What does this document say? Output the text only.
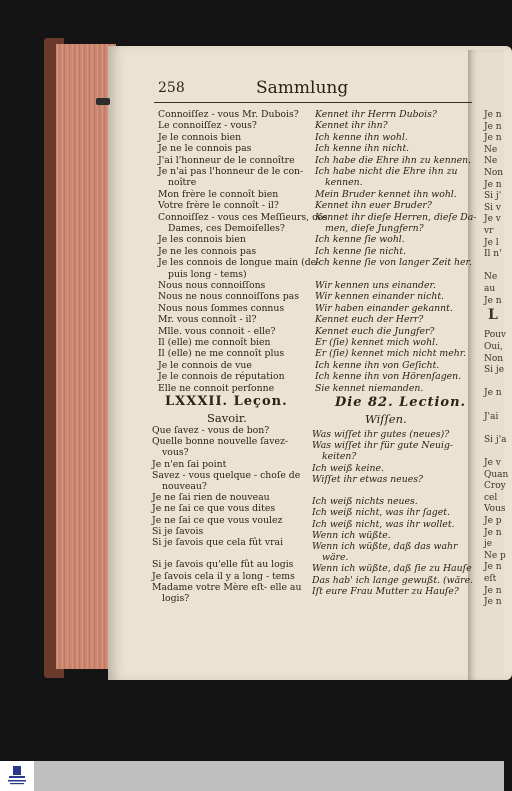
258	Sammlung
Connoiſſez - vous Mr. Dubois?
Le connoiſſez - vous?
Je le connois bien
Je ne le connois pas
J'ai l'honneur de le connoître
Je n'ai pas l'honneur de le con-
noître
Mon frère le connoît bien
Votre frère le connoît - il?
Connoiſſez - vous ces Meſſieurs, ces
Dames, ces Demoiſelles?
Je les connois bien
Je ne les connois pas
Je les connois de longue main (de-
puis long - tems)
Nous nous connoiſſons
Nous ne nous connoiſſons pas
Nous nous ſommes connus
Mr. vous connoît - il?
Mlle. vous connoit - elle?
Il (elle) me connoît bien
Il (elle) ne me connoît plus
Je le connois de vue
Je le connois de réputation
Elle ne connoit perſonne
Que ſavez - vous de bon?
Quelle bonne nouvelle ſavez-
vous?
Je n'en ſai point
Savez - vous quelque - choſe de
nouveau?
Je ne ſai rien de nouveau
Je ne ſai ce que vous dites
Je ne ſai ce que vous voulez
Si je ſavois
Si je ſavois que cela fût vrai
Si je ſavois qu'elle fût au logis
Je ſavois cela il y a long - tems
Madame votre Mère eſt- elle au
logis?
Kennet ihr Herrn Dubois?
Kennet ihr ihn?
Ich kenne ihn wohl.
Ich kenne ihn nicht.
Ich habe die Ehre ihn zu kennen.
Ich habe nicht die Ehre ihn zu
kennen.
Mein Bruder kennet ihn wohl.
Kennet ihn euer Bruder?
Kennet ihr dieſe Herren, dieſe Da-
men, dieſe Jungfern?
Ich kenne ſie wohl.
Ich kenne ſie nicht.
Ich kenne ſie von langer Zeit her.
Wir kennen uns einander.
Wir kennen einander nicht.
Wir haben einander gekannt.
Kennet euch der Herr?
Kennet euch die Jungfer?
Er (ſie) kennet mich wohl.
Er (ſie) kennet mich nicht mehr.
Ich kenne ihn von Geſicht.
Ich kenne ihn von Hörenſagen.
Sie kennet niemanden.
Was wiſſet ihr gutes (neues)?
Was wiſſet ihr für gute Neuig-
keiten?
Ich weiß keine.
Wiſſet ihr etwas neues?
Ich weiß nichts neues.
Ich weiß nicht, was ihr ſaget.
Ich weiß nicht, was ihr wollet.
Wenn ich wüßte.
Wenn ich wüßte, daß das wahr
wäre.
Wenn ich wüßte, daß ſie zu Hauſe
Das hab' ich lange gewußt. (wäre.
Iſt eure Frau Mutter zu Hauſe?
LXXXII. Leçon.
Savoir.
Die 82. Lection.
Wiſſen.
Je n
Je n
Je n
Ne
Ne
Non
Je n
Si j'
Si v
Je v
vr
Je l
Il n'
Ne
au
Je n
L
Pouv
Oui,
Non
Si je
Je n
J'ai
Si j'a
Je v
Quan
Croy
cel
Vous
Je p
Je n
je
Ne p
Je n
eſt
Je n
Je n
